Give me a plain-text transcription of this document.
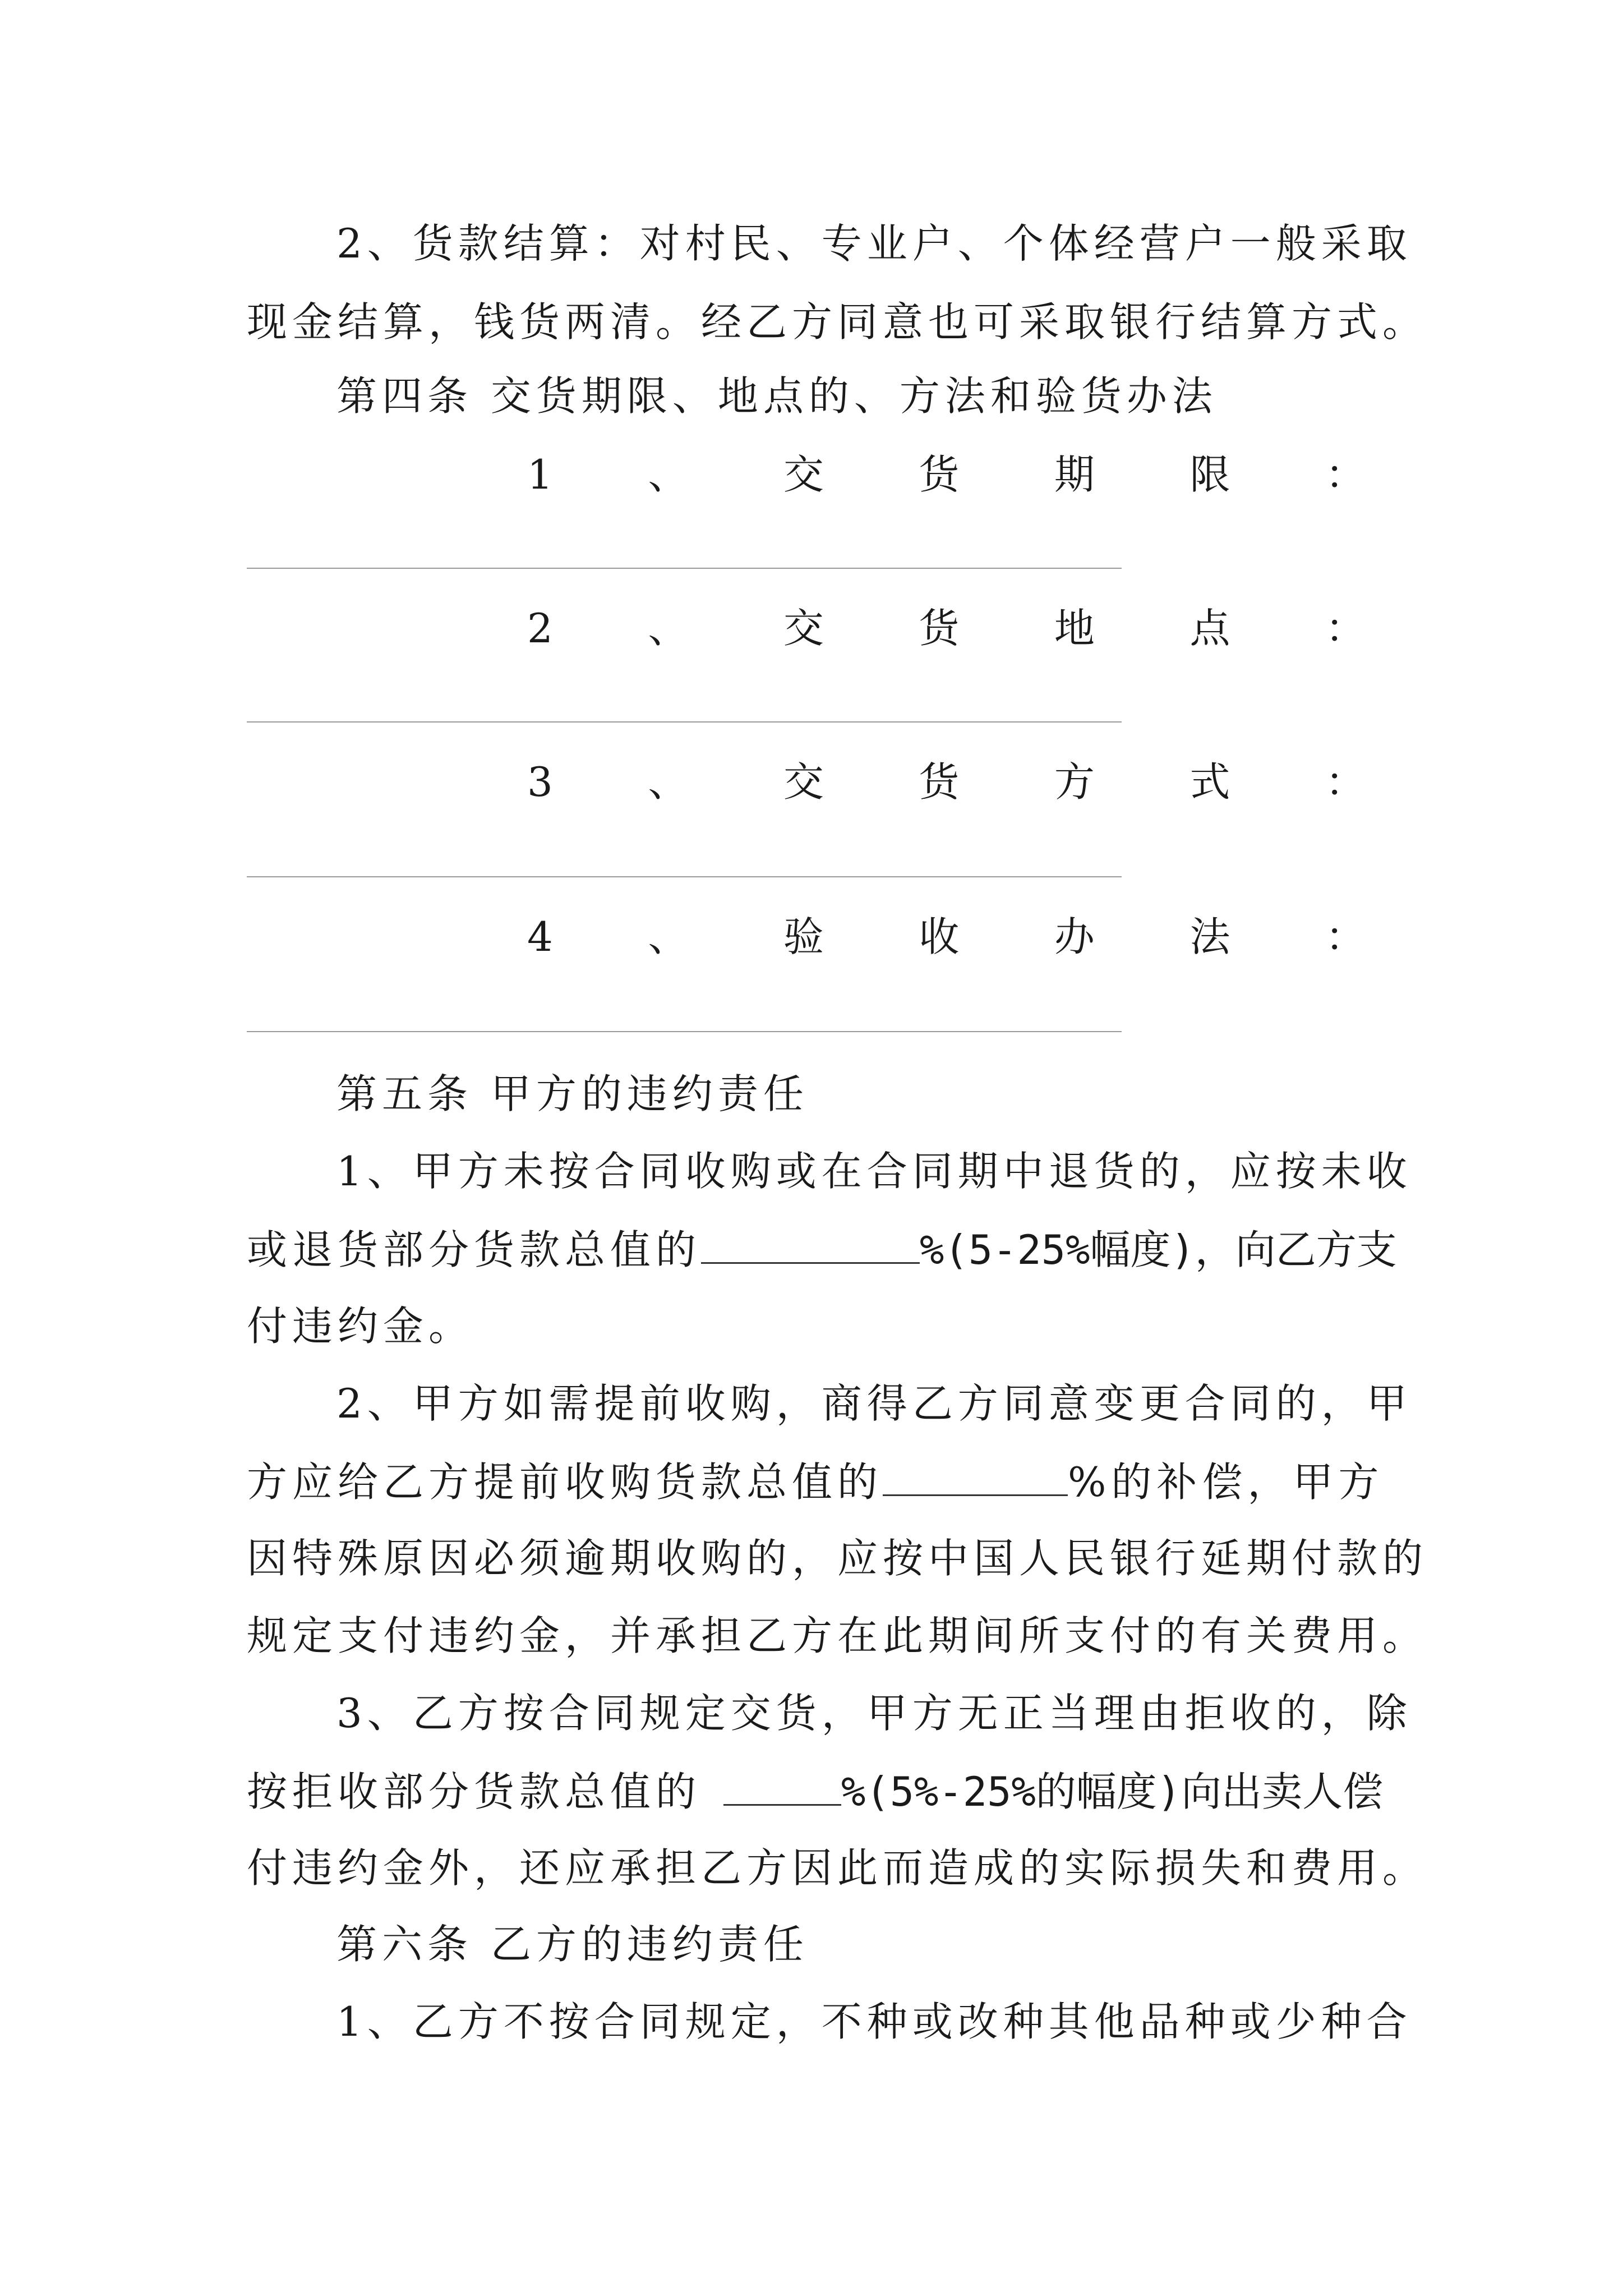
2、货款结算：对村民、专业户、个体经营户一般采取
现金结算，钱货两清。经乙方同意也可采取银行结算方式。
第四条 交货期限、地点的、方法和验货办法
1 、 交 货 期 限 ：
2 、 交 货 地 点 ：
3 、 交 货 方 式 ：
4 、 验 收 办 法 ：
第五条 甲方的违约责任
1、甲方未按合同收购或在合同期中退货的，应按未收
或退货部分货款总值的	%(5-25%幅度)，向乙方支
付违约金。
2、甲方如需提前收购，商得乙方同意变更合同的，甲
方应给乙方提前收购货款总值的	%的补偿，甲方
因特殊原因必须逾期收购的，应按中国人民银行延期付款的
规定支付违约金，并承担乙方在此期间所支付的有关费用。
3、乙方按合同规定交货，甲方无正当理由拒收的，除
按拒收部分货款总值的	%(5%-25%的幅度)向出卖人偿
付违约金外，还应承担乙方因此而造成的实际损失和费用。
第六条 乙方的违约责任
1、乙方不按合同规定，不种或改种其他品种或少种合
